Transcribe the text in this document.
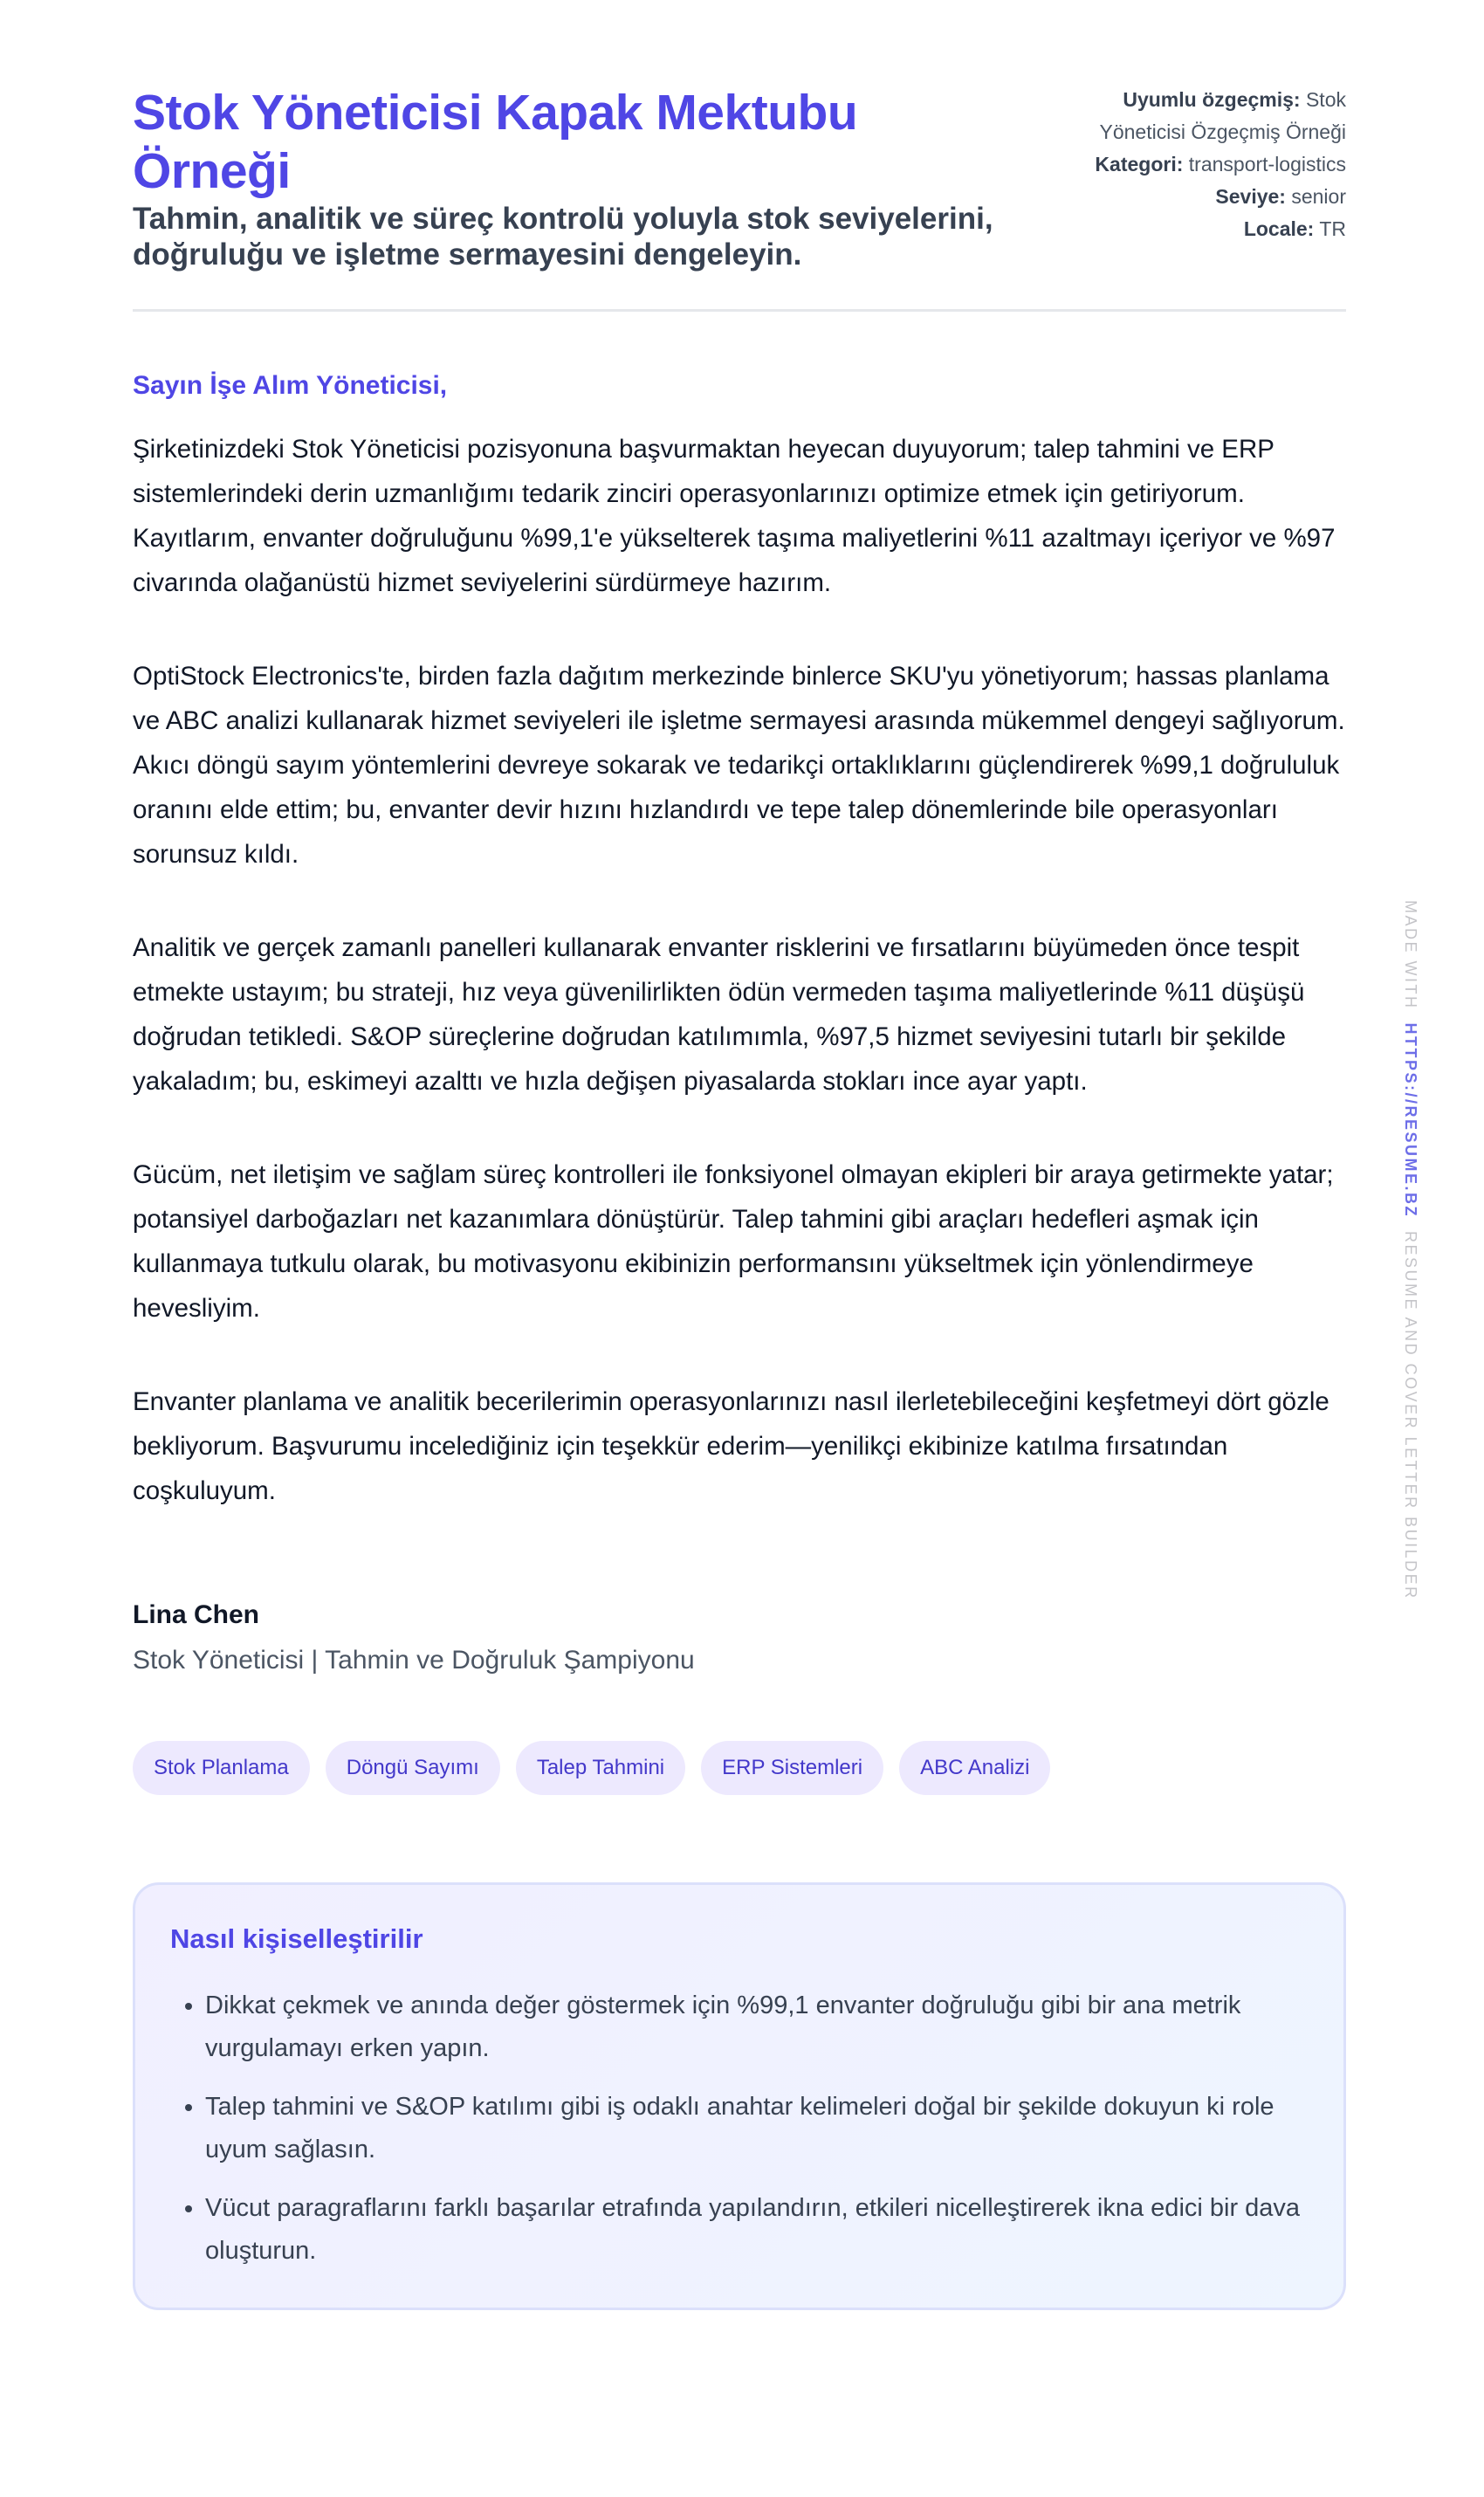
Stok Yöneticisi Kapak Mektubu Örneği

Tahmin, analitik ve süreç kontrolü yoluyla stok seviyelerini, doğruluğu ve işletme sermayesini dengeleyin.

Uyumlu özgeçmiş: Stok Yöneticisi Özgeçmiş Örneği
Kategori: transport-logistics
Seviye: senior
Locale: TR
Sayın İşe Alım Yöneticisi,

Şirketinizdeki Stok Yöneticisi pozisyonuna başvurmaktan heyecan duyuyorum; talep tahmini ve ERP sistemlerindeki derin uzmanlığımı tedarik zinciri operasyonlarınızı optimize etmek için getiriyorum. Kayıtlarım, envanter doğruluğunu %99,1'e yükselterek taşıma maliyetlerini %11 azaltmayı içeriyor ve %97 civarında olağanüstü hizmet seviyelerini sürdürmeye hazırım.

OptiStock Electronics'te, birden fazla dağıtım merkezinde binlerce SKU'yu yönetiyorum; hassas planlama ve ABC analizi kullanarak hizmet seviyeleri ile işletme sermayesi arasında mükemmel dengeyi sağlıyorum. Akıcı döngü sayım yöntemlerini devreye sokarak ve tedarikçi ortaklıklarını güçlendirerek %99,1 doğrululuk oranını elde ettim; bu, envanter devir hızını hızlandırdı ve tepe talep dönemlerinde bile operasyonları sorunsuz kıldı.

Analitik ve gerçek zamanlı panelleri kullanarak envanter risklerini ve fırsatlarını büyümeden önce tespit etmekte ustayım; bu strateji, hız veya güvenilirlikten ödün vermeden taşıma maliyetlerinde %11 düşüşü doğrudan tetikledi. S&OP süreçlerine doğrudan katılımımla, %97,5 hizmet seviyesini tutarlı bir şekilde yakaladım; bu, eskimeyi azalttı ve hızla değişen piyasalarda stokları ince ayar yaptı.

Gücüm, net iletişim ve sağlam süreç kontrolleri ile fonksiyonel olmayan ekipleri bir araya getirmekte yatar; potansiyel darboğazları net kazanımlara dönüştürür. Talep tahmini gibi araçları hedefleri aşmak için kullanmaya tutkulu olarak, bu motivasyonu ekibinizin performansını yükseltmek için yönlendirmeye hevesliyim.

Envanter planlama ve analitik becerilerimin operasyonlarınızı nasıl ilerletebileceğini keşfetmeyi dört gözle bekliyorum. Başvurumu incelediğiniz için teşekkür ederim—yenilikçi ekibinize katılma fırsatından coşkuluyum.

Lina Chen
Stok Yöneticisi | Tahmin ve Doğruluk Şampiyonu
Stok Planlama	Döngü Sayımı	Talep Tahmini	ERP Sistemleri	ABC Analizi
Nasıl kişiselleştirilir
• Dikkat çekmek ve anında değer göstermek için %99,1 envanter doğruluğu gibi bir ana metrik vurgulamayı erken yapın.
• Talep tahmini ve S&OP katılımı gibi iş odaklı anahtar kelimeleri doğal bir şekilde dokuyun ki role uyum sağlasın.
• Vücut paragraflarını farklı başarılar etrafında yapılandırın, etkileri nicelleştirerek ikna edici bir dava oluşturun.
MADE WITH  HTTPS://RESUME.BZ  RESUME AND COVER LETTER BUILDER
